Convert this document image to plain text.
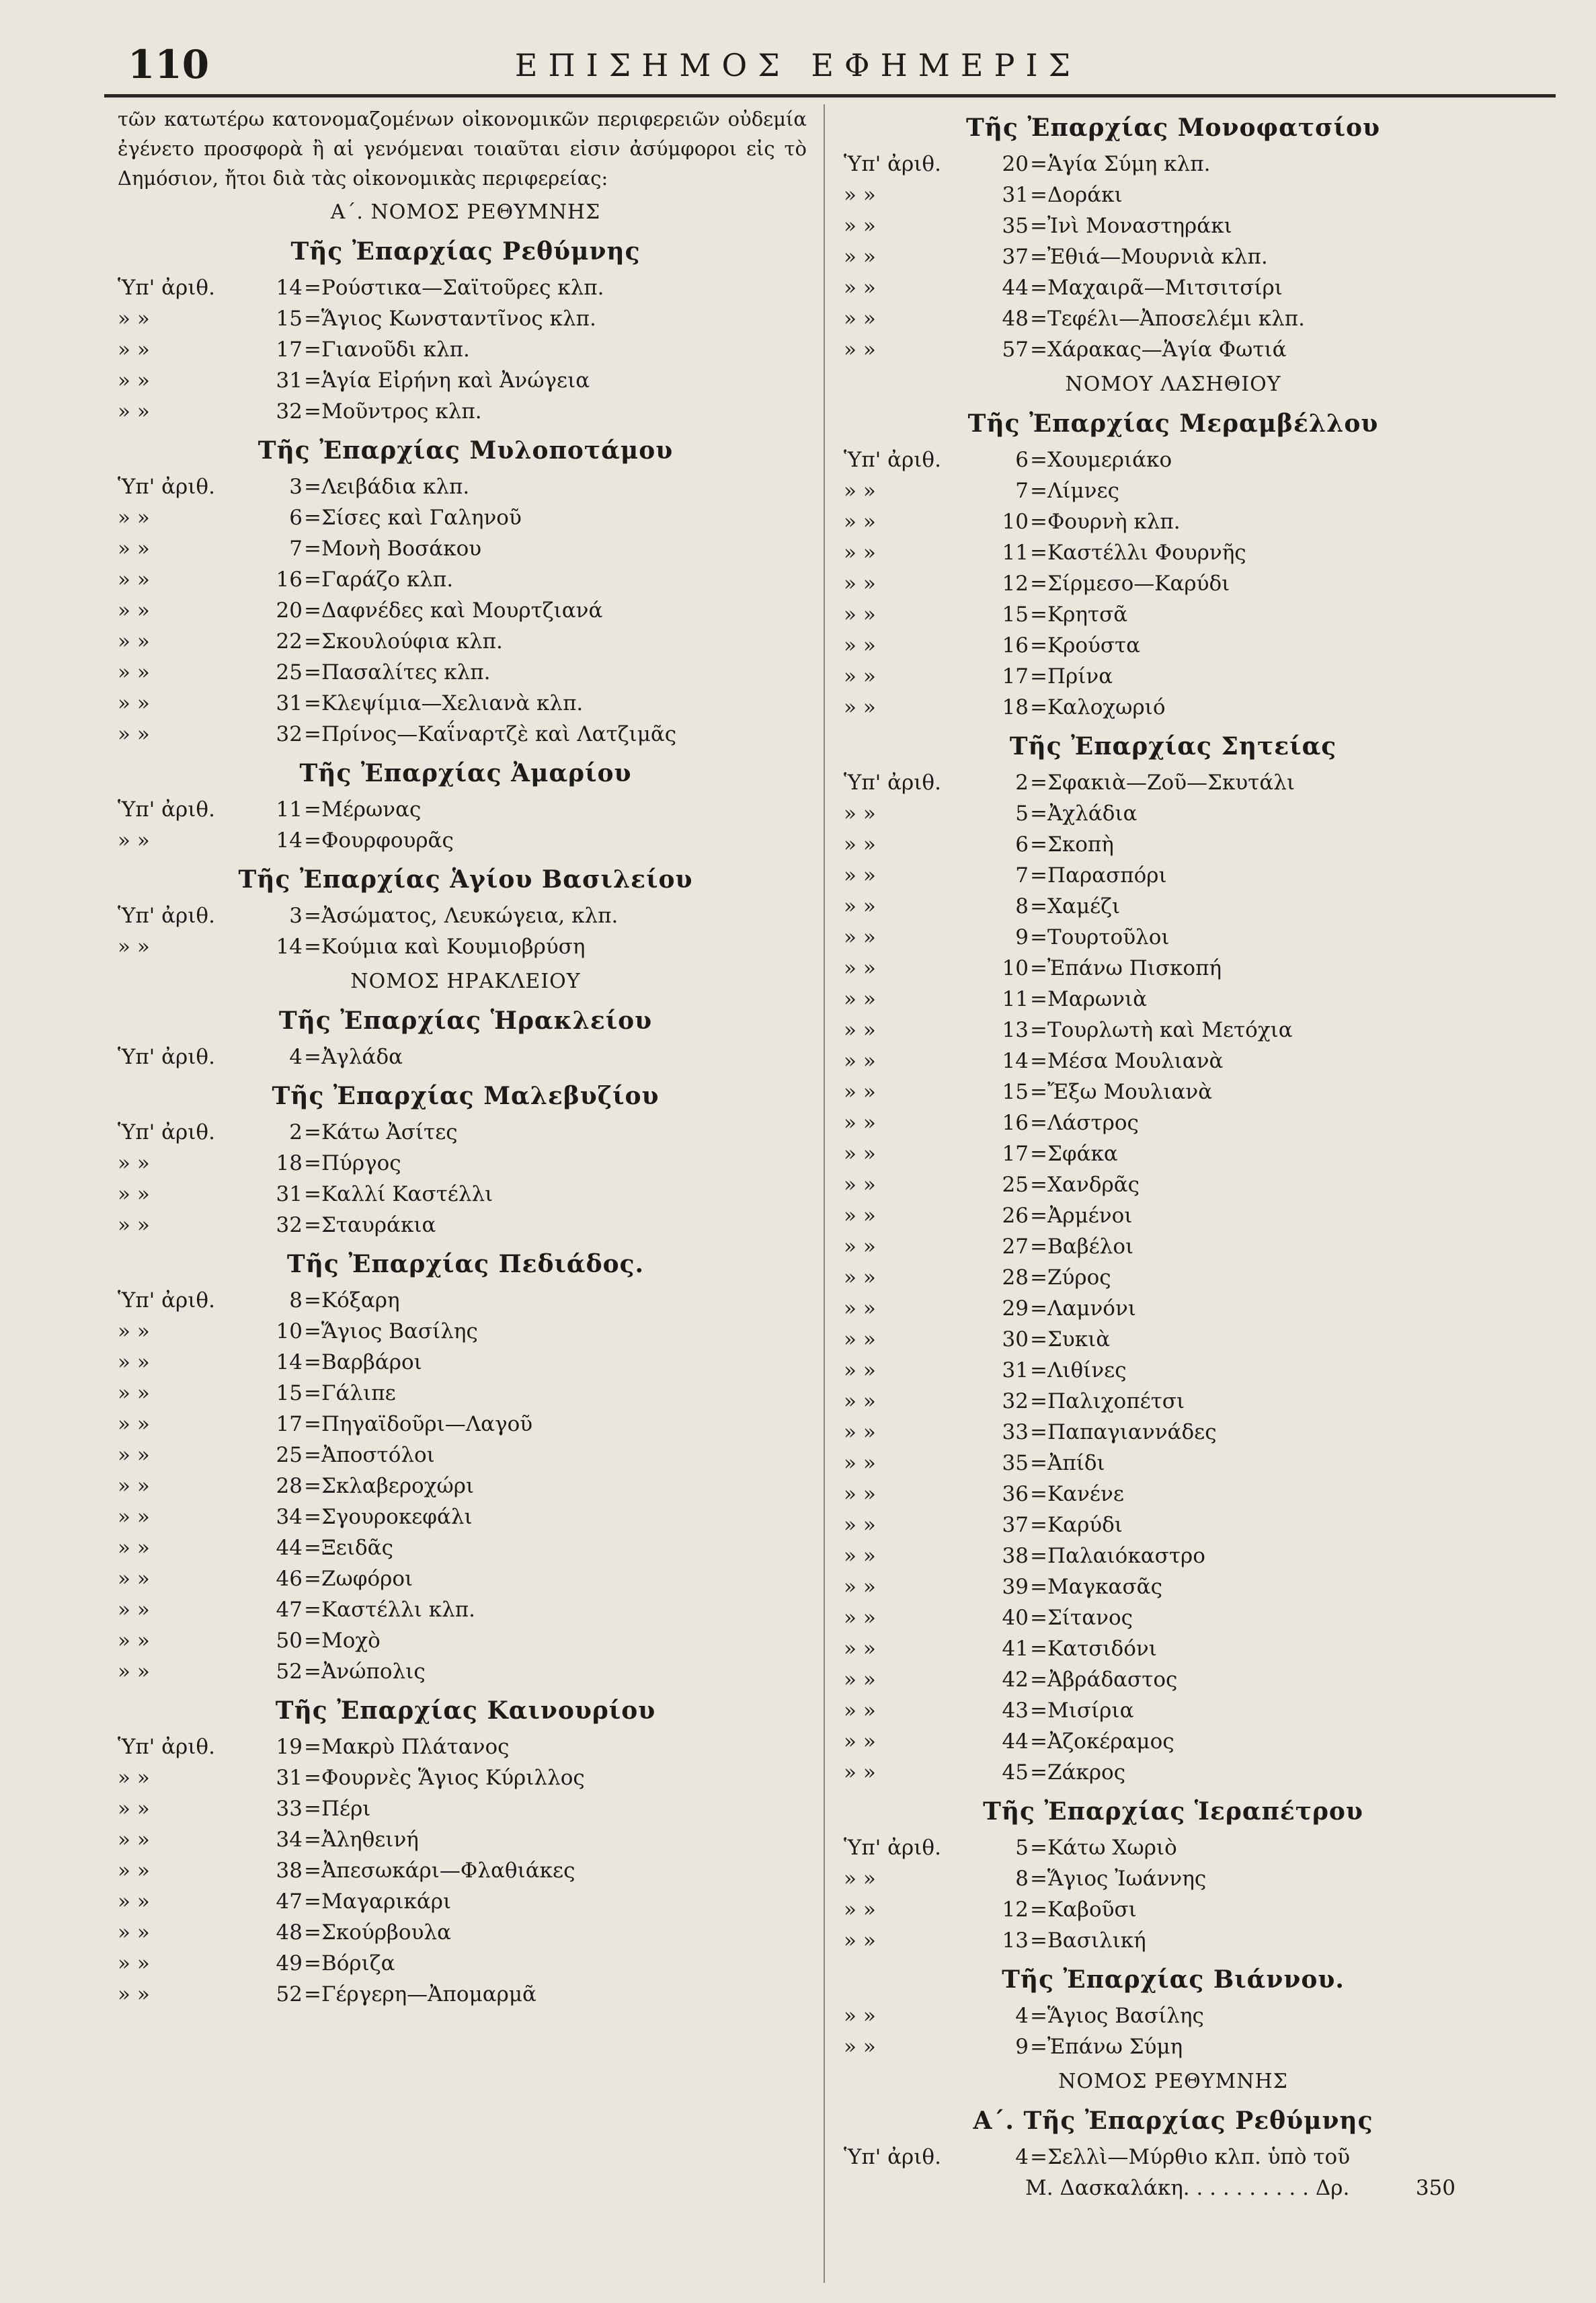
110	ΕΠΙΣΗΜΟΣ ΕΦΗΜΕΡΙΣ

τῶν κατωτέρω κατονομαζομένων οἰκονομικῶν περιφερειῶν οὐδεμία ἐγένετο προσφορὰ ἢ αἱ γενόμεναι τοιαῦται εἰσιν ἀσύμφοροι εἰς τὸ Δημόσιον, ἤτοι διὰ τὰς οἰκονομικὰς περιφερείας:

Α΄. ΝΟΜΟΣ ΡΕΘΥΜΝΗΣ
Τῆς Ἐπαρχίας Ρεθύμνης
Ὑπ' ἀριθ.	14 =Ρούστικα—Σαϊτοῦρες κλπ.
» »	15 =Ἅγιος Κωνσταντῖνος κλπ.
» »	17 =Γιανοῦδι κλπ.
» »	31 =Ἁγία Εἰρήνη καὶ Ἀνώγεια
» »	32 =Μοῦντρος κλπ.
Τῆς Ἐπαρχίας Μυλοποτάμου
Ὑπ' ἀριθ.	3 =Λειβάδια κλπ.
» »	6 =Σίσες καὶ Γαληνοῦ
» »	7 =Μονὴ Βοσάκου
» »	16 =Γαράζο κλπ.
» »	20 =Δαφνέδες καὶ Μουρτζιανά
» »	22 =Σκουλούφια κλπ.
» »	25 =Πασαλίτες κλπ.
» »	31 =Κλεψίμια—Χελιανὰ κλπ.
» »	32 =Πρίνος—Καΐναρτζὲ καὶ Λατζιμᾶς
Τῆς Ἐπαρχίας Ἀμαρίου
Ὑπ' ἀριθ.	11 =Μέρωνας
» »	14 =Φουρφουρᾶς
Τῆς Ἐπαρχίας Ἁγίου Βασιλείου
Ὑπ' ἀριθ.	3 =Ἀσώματος, Λευκώγεια, κλπ.
» »	14 =Κούμια καὶ Κουμιοβρύση
ΝΟΜΟΣ ΗΡΑΚΛΕΙΟΥ
Τῆς Ἐπαρχίας Ἡρακλείου
Ὑπ' ἀριθ.	4 =Ἀγλάδα
Τῆς Ἐπαρχίας Μαλεβυζίου
Ὑπ' ἀριθ.	2 =Κάτω Ἀσίτες
» »	18 =Πύργος
» »	31 =Καλλί Καστέλλι
» »	32 =Σταυράκια
Τῆς Ἐπαρχίας Πεδιάδος.
Ὑπ' ἀριθ.	8 =Κόξαρη
» »	10 =Ἅγιος Βασίλης
» »	14 =Βαρβάροι
» »	15 =Γάλιπε
» »	17 =Πηγαϊδοῦρι—Λαγοῦ
» »	25 =Ἀποστόλοι
» »	28 =Σκλαβεροχώρι
» »	34 =Σγουροκεφάλι
» »	44 =Ξειδᾶς
» »	46 =Ζωφόροι
» »	47 =Καστέλλι κλπ.
» »	50 =Μοχὸ
» »	52 =Ἀνώπολις
Τῆς Ἐπαρχίας Καινουρίου
Ὑπ' ἀριθ.	19 =Μακρὺ Πλάτανος
» »	31 =Φουρνὲς Ἅγιος Κύριλλος
» »	33 =Πέρι
» »	34 =Ἀληθεινή
» »	38 =Ἀπεσωκάρι—Φλαθιάκες
» »	47 =Μαγαρικάρι
» »	48 =Σκούρβουλα
» »	49 =Βόριζα
» »	52 =Γέργερη—Ἀπομαρμᾶ
Τῆς Ἐπαρχίας Μονοφατσίου
Ὑπ' ἀριθ.	20 =Ἁγία Σύμη κλπ.
» »	31 =Δοράκι
» »	35 =Ἰνὶ Μοναστηράκι
» »	37 =Ἐθιά—Μουρνιὰ κλπ.
» »	44 =Μαχαιρᾶ—Μιτσιτσίρι
» »	48 =Τεφέλι—Ἀποσελέμι κλπ.
» »	57 =Χάρακας—Ἁγία Φωτιά
ΝΟΜΟΥ ΛΑΣΗΘΙΟΥ
Τῆς Ἐπαρχίας Μεραμβέλλου
Ὑπ' ἀριθ.	6 =Χουμεριάκο
» »	7 =Λίμνες
» »	10 =Φουρνὴ κλπ.
» »	11 =Καστέλλι Φουρνῆς
» »	12 =Σίρμεσο—Καρύδι
» »	15 =Κρητσᾶ
» »	16 =Κρούστα
» »	17 =Πρίνα
» »	18 =Καλοχωριό
Τῆς Ἐπαρχίας Σητείας
Ὑπ' ἀριθ.	2 =Σφακιὰ—Ζοῦ—Σκυτάλι
» »	5 =Ἀχλάδια
» »	6 =Σκοπὴ
» »	7 =Παρασπόρι
» »	8 =Χαμέζι
» »	9 =Τουρτοῦλοι
» »	10 =Ἐπάνω Πισκοπή
» »	11 =Μαρωνιὰ
» »	13 =Τουρλωτὴ καὶ Μετόχια
» »	14 =Μέσα Μουλιανὰ
» »	15 =Ἔξω Μουλιανὰ
» »	16 =Λάστρος
» »	17 =Σφάκα
» »	25 =Χανδρᾶς
» »	26 =Ἀρμένοι
» »	27 =Βαβέλοι
» »	28 =Ζύρος
» »	29 =Λαμνόνι
» »	30 =Συκιὰ
» »	31 =Λιθίνες
» »	32 =Παλιχοπέτσι
» »	33 =Παπαγιαννάδες
» »	35 =Ἀπίδι
» »	36 =Κανένε
» »	37 =Καρύδι
» »	38 =Παλαιόκαστρο
» »	39 =Μαγκασᾶς
» »	40 =Σίτανος
» »	41 =Κατσιδόνι
» »	42 =Ἀβράδαστος
» »	43 =Μισίρια
» »	44 =Ἀζοκέραμος
» »	45 =Ζάκρος
Τῆς Ἐπαρχίας Ἱεραπέτρου
Ὑπ' ἀριθ.	5 =Κάτω Χωριὸ
» »	8 =Ἅγιος Ἰωάννης
» »	12 =Καβοῦσι
» »	13 =Βασιλική
Τῆς Ἐπαρχίας Βιάννου.
» »	4 =Ἅγιος Βασίλης
» »	9 =Ἐπάνω Σύμη
ΝΟΜΟΣ ΡΕΘΥΜΝΗΣ
Α΄. Τῆς Ἐπαρχίας Ρεθύμνης
Ὑπ' ἀριθ.	4 =Σελλὶ—Μύρθιο κλπ. ὑπὸ τοῦ
Μ. Δασκαλάκη. . . . . . . . . . Δρ.	350
